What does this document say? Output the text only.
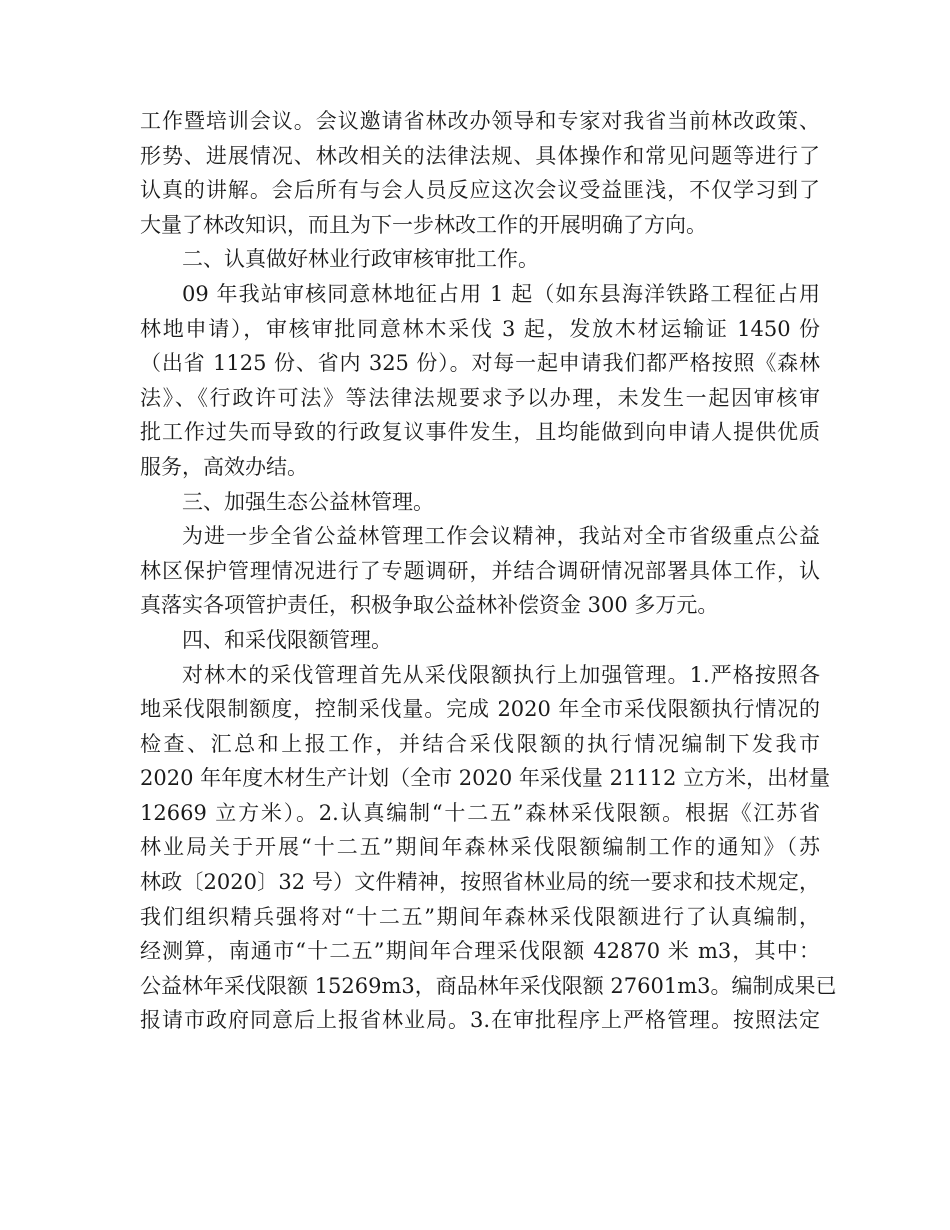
工作暨培训会议。会议邀请省林改办领导和专家对我省当前林改政策、
形势、进展情况、林改相关的法律法规、具体操作和常见问题等进行了
认真的讲解。会后所有与会人员反应这次会议受益匪浅，不仅学习到了
大量了林改知识，而且为下一步林改工作的开展明确了方向。
二、认真做好林业行政审核审批工作。
09 年我站审核同意林地征占用 1 起（如东县海洋铁路工程征占用
林地申请），审核审批同意林木采伐 3 起，发放木材运输证 1450 份
（出省 1125 份、省内 325 份）。对每一起申请我们都严格按照《森林
法》、《行政许可法》等法律法规要求予以办理，未发生一起因审核审
批工作过失而导致的行政复议事件发生，且均能做到向申请人提供优质
服务，高效办结。
三、加强生态公益林管理。
为进一步全省公益林管理工作会议精神，我站对全市省级重点公益
林区保护管理情况进行了专题调研，并结合调研情况部署具体工作，认
真落实各项管护责任，积极争取公益林补偿资金 300 多万元。
四、和采伐限额管理。
对林木的采伐管理首先从采伐限额执行上加强管理。1.严格按照各
地采伐限制额度，控制采伐量。完成 2020 年全市采伐限额执行情况的
检查、汇总和上报工作，并结合采伐限额的执行情况编制下发我市
2020 年年度木材生产计划（全市 2020 年采伐量 21112 立方米，出材量
12669 立方米）。2.认真编制“十二五”森林采伐限额。根据《江苏省
林业局关于开展“十二五”期间年森林采伐限额编制工作的通知》（苏
林政〔2020〕32 号）文件精神，按照省林业局的统一要求和技术规定，
我们组织精兵强将对“十二五”期间年森林采伐限额进行了认真编制，
经测算，南通市“十二五”期间年合理采伐限额 42870 米 m3，其中：
公益林年采伐限额 15269m3，商品林年采伐限额 27601m3。编制成果已
报请市政府同意后上报省林业局。3.在审批程序上严格管理。按照法定
